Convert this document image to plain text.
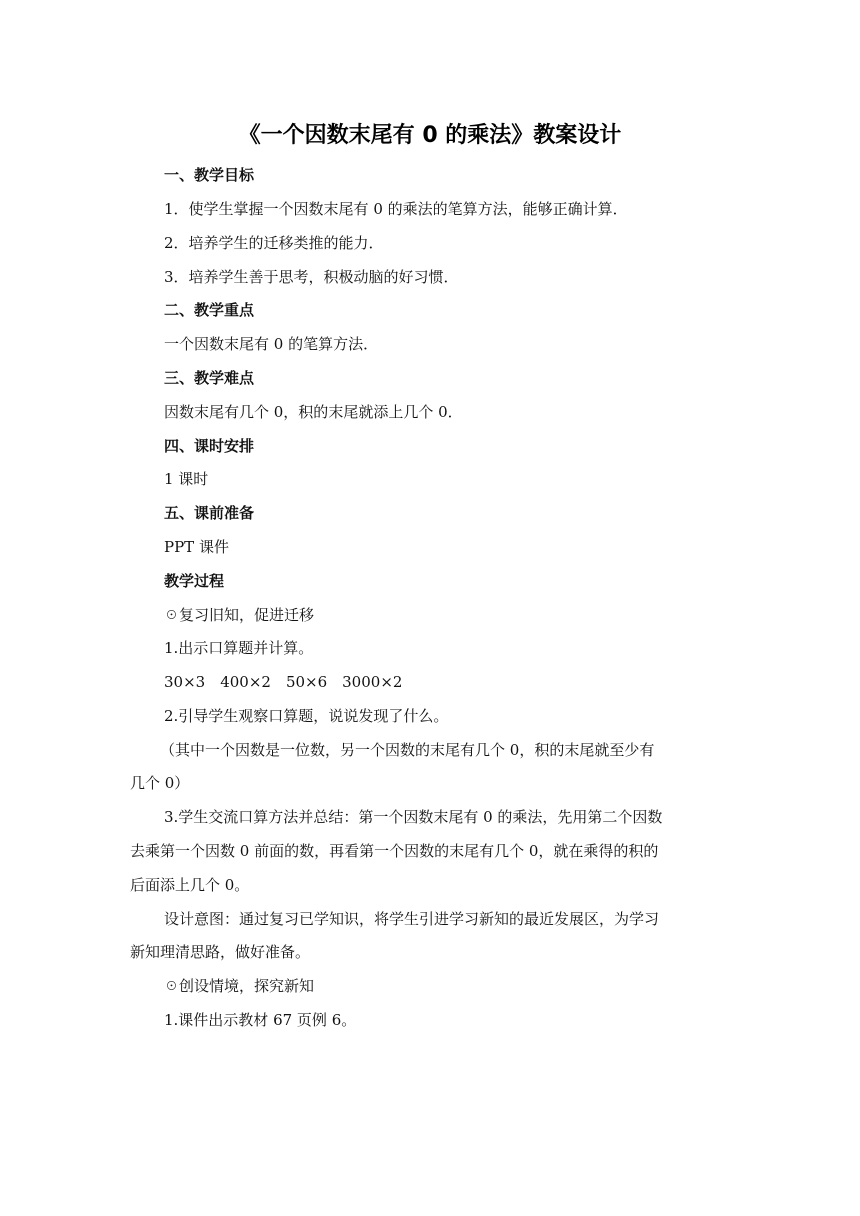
《一个因数末尾有 0 的乘法》教案设计
一、教学目标
1．使学生掌握一个因数末尾有 0 的乘法的笔算方法，能够正确计算．
2．培养学生的迁移类推的能力．
3．培养学生善于思考，积极动脑的好习惯．
二、教学重点
一个因数末尾有 0 的笔算方法．
三、教学难点
因数末尾有几个 0，积的末尾就添上几个 0．
四、课时安排
1 课时
五、课前准备
PPT 课件
教学过程
☉复习旧知，促进迁移
1.出示口算题并计算。
30×3　400×2　50×6　3000×2
2.引导学生观察口算题，说说发现了什么。
（其中一个因数是一位数，另一个因数的末尾有几个 0，积的末尾就至少有
几个 0）
3.学生交流口算方法并总结：第一个因数末尾有 0 的乘法，先用第二个因数
去乘第一个因数 0 前面的数，再看第一个因数的末尾有几个 0，就在乘得的积的
后面添上几个 0。
设计意图：通过复习已学知识，将学生引进学习新知的最近发展区，为学习
新知理清思路，做好准备。
☉创设情境，探究新知
1.课件出示教材 67 页例 6。
